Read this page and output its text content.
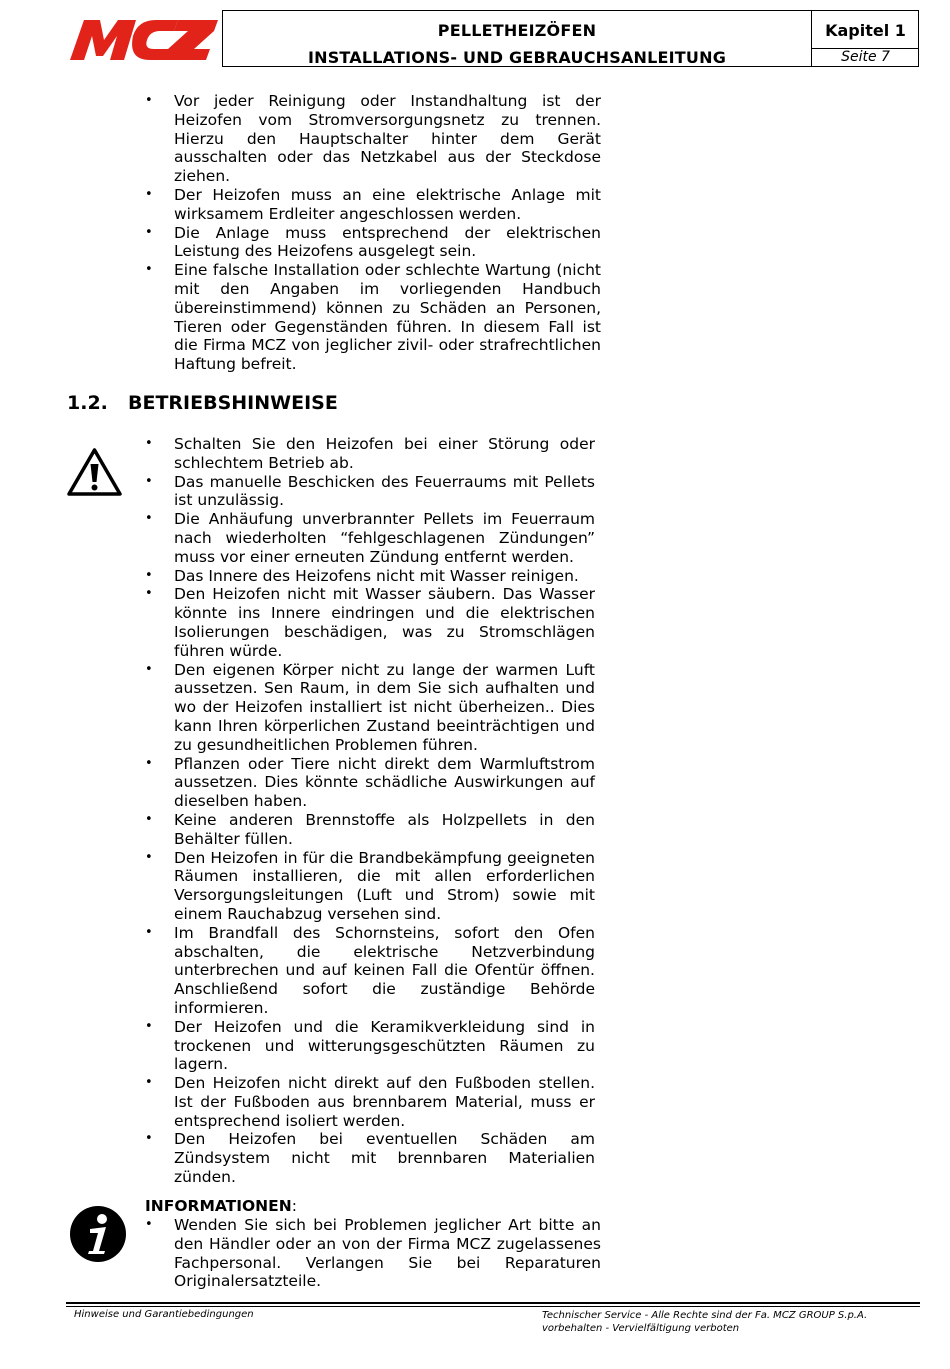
PELLETHEIZÖFEN
INSTALLATIONS- UND GEBRAUCHSANLEITUNG
Kapitel 1
Seite 7
• Vor jeder Reinigung oder Instandhaltung ist der Heizofen vom Stromversorgungsnetz zu trennen. Hierzu den Hauptschalter hinter dem Gerät ausschalten oder das Netzkabel aus der Steckdose ziehen.
• Der Heizofen muss an eine elektrische Anlage mit wirksamem Erdleiter angeschlossen werden.
• Die Anlage muss entsprechend der elektrischen Leistung des Heizofens ausgelegt sein.
• Eine falsche Installation oder schlechte Wartung (nicht mit den Angaben im vorliegenden Handbuch übereinstimmend) können zu Schäden an Personen, Tieren oder Gegenständen führen. In diesem Fall ist die Firma MCZ von jeglicher zivil- oder strafrechtlichen Haftung befreit.
1.2. BETRIEBSHINWEISE
• Schalten Sie den Heizofen bei einer Störung oder schlechtem Betrieb ab.
• Das manuelle Beschicken des Feuerraums mit Pellets ist unzulässig.
• Die Anhäufung unverbrannter Pellets im Feuerraum nach wiederholten “fehlgeschlagenen Zündungen” muss vor einer erneuten Zündung entfernt werden.
• Das Innere des Heizofens nicht mit Wasser reinigen.
• Den Heizofen nicht mit Wasser säubern. Das Wasser könnte ins Innere eindringen und die elektrischen Isolierungen beschädigen, was zu Stromschlägen führen würde.
• Den eigenen Körper nicht zu lange der warmen Luft aussetzen. Sen Raum, in dem Sie sich aufhalten und wo der Heizofen installiert ist nicht überheizen.. Dies kann Ihren körperlichen Zustand beeinträchtigen und zu gesundheitlichen Problemen führen.
• Pflanzen oder Tiere nicht direkt dem Warmluftstrom aussetzen. Dies könnte schädliche Auswirkungen auf dieselben haben.
• Keine anderen Brennstoffe als Holzpellets in den Behälter füllen.
• Den Heizofen in für die Brandbekämpfung geeigneten Räumen installieren, die mit allen erforderlichen Versorgungsleitungen (Luft und Strom) sowie mit einem Rauchabzug versehen sind.
• Im Brandfall des Schornsteins, sofort den Ofen abschalten, die elektrische Netzverbindung unterbrechen und auf keinen Fall die Ofentür öffnen. Anschließend sofort die zuständige Behörde informieren.
• Der Heizofen und die Keramikverkleidung sind in trockenen und witterungsgeschützten Räumen zu lagern.
• Den Heizofen nicht direkt auf den Fußboden stellen. Ist der Fußboden aus brennbarem Material, muss er entsprechend isoliert werden.
• Den Heizofen bei eventuellen Schäden am Zündsystem nicht mit brennbaren Materialien zünden.
INFORMATIONEN:
• Wenden Sie sich bei Problemen jeglicher Art bitte an den Händler oder an von der Firma MCZ zugelassenes Fachpersonal. Verlangen Sie bei Reparaturen Originalersatzteile.
Hinweise und Garantiebedingungen	Technischer Service - Alle Rechte sind der Fa. MCZ GROUP S.p.A. vorbehalten - Vervielfältigung verboten
